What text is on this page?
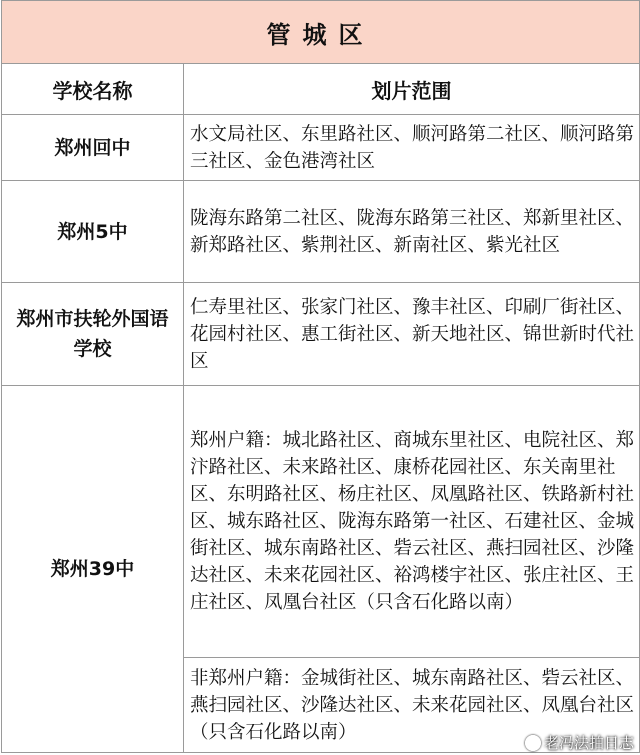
管城区	
学校名称	划片范围
郑州回中	水文局社区、东里路社区、顺河路第二社区、顺河路第三社区、金色港湾社区
郑州5中	陇海东路第二社区、陇海东路第三社区、郑新里社区、新郑路社区、紫荆社区、新南社区、紫光社区
郑州市扶轮外国语学校	仁寿里社区、张家门社区、豫丰社区、印刷厂街社区、花园村社区、惠工街社区、新天地社区、锦世新时代社区
郑州39中	郑州户籍：城北路社区、商城东里社区、电院社区、郑汴路社区、未来路社区、康桥花园社区、东关南里社区、东明路社区、杨庄社区、凤凰路社区、铁路新村社区、城东路社区、陇海东路第一社区、石建社区、金城街社区、城东南路社区、砦云社区、燕扫园社区、沙隆达社区、未来花园社区、裕鸿楼宇社区、张庄社区、王庄社区、凤凰台社区（只含石化路以南）
	非郑州户籍：金城街社区、城东南路社区、砦云社区、燕扫园社区、沙隆达社区、未来花园社区、凤凰台社区（只含石化路以南）
老冯法拍日志
